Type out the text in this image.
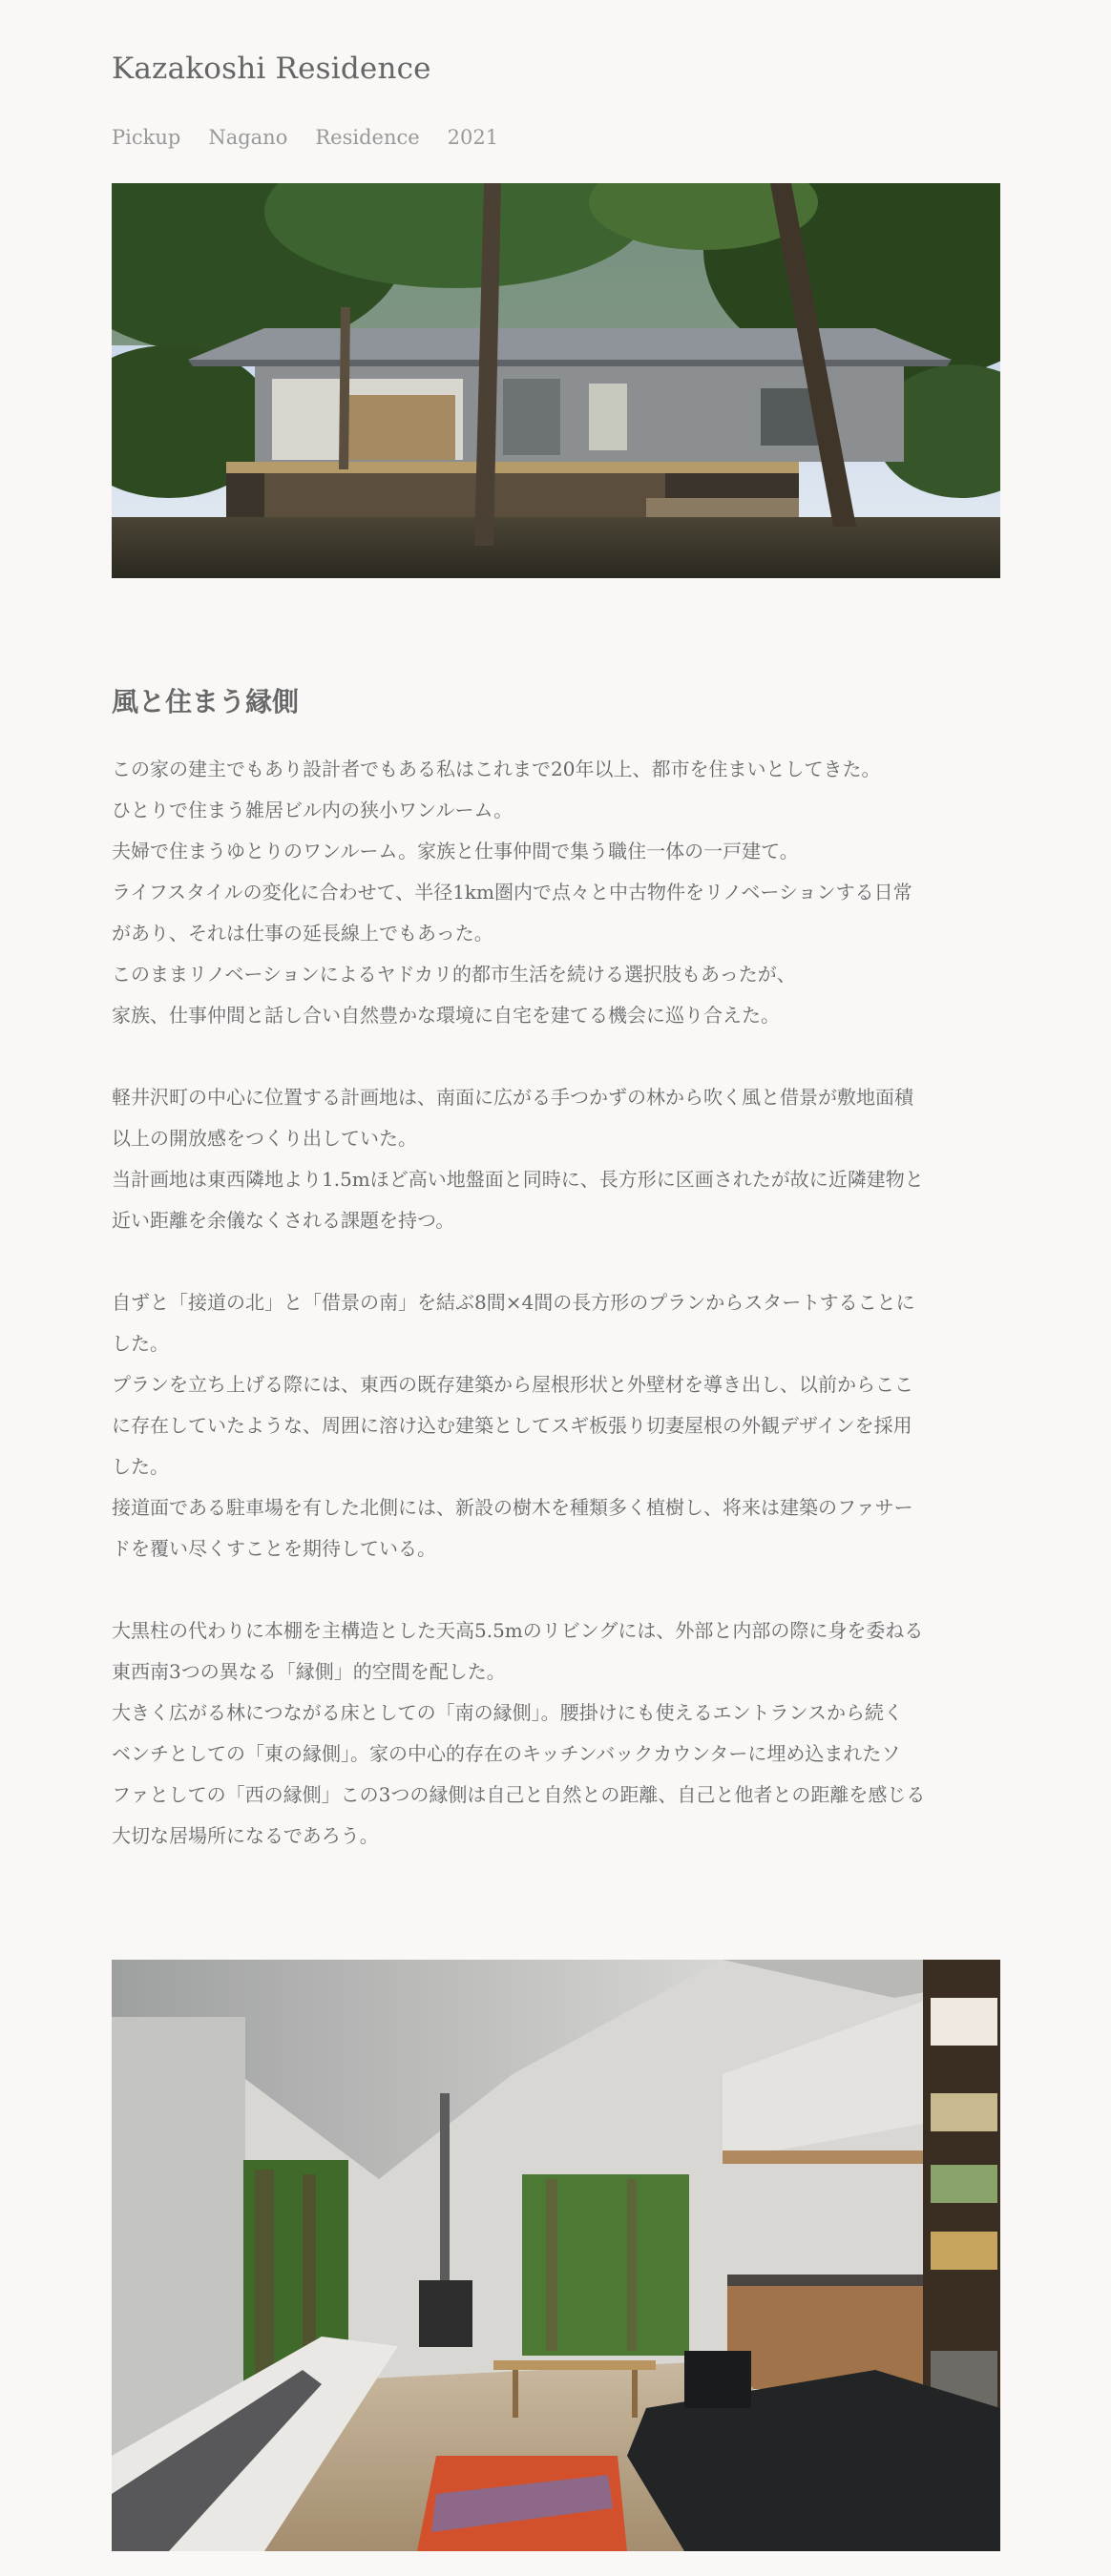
Kazakoshi Residence
Pickup Nagano Residence 2021
風と住まう縁側
この家の建主でもあり設計者でもある私はこれまで20年以上、都市を住まいとしてきた。
ひとりで住まう雑居ビル内の狭小ワンルーム。
夫婦で住まうゆとりのワンルーム。家族と仕事仲間で集う職住一体の一戸建て。
ライフスタイルの変化に合わせて、半径1km圏内で点々と中古物件をリノベーションする日常
があり、それは仕事の延長線上でもあった。
このままリノベーションによるヤドカリ的都市生活を続ける選択肢もあったが、
家族、仕事仲間と話し合い自然豊かな環境に自宅を建てる機会に巡り合えた。
軽井沢町の中心に位置する計画地は、南面に広がる手つかずの林から吹く風と借景が敷地面積
以上の開放感をつくり出していた。
当計画地は東西隣地より1.5mほど高い地盤面と同時に、長方形に区画されたが故に近隣建物と
近い距離を余儀なくされる課題を持つ。
自ずと「接道の北」と「借景の南」を結ぶ8間×4間の長方形のプランからスタートすることに
した。
プランを立ち上げる際には、東西の既存建築から屋根形状と外壁材を導き出し、以前からここ
に存在していたような、周囲に溶け込む建築としてスギ板張り切妻屋根の外観デザインを採用
した。
接道面である駐車場を有した北側には、新設の樹木を種類多く植樹し、将来は建築のファサー
ドを覆い尽くすことを期待している。
大黒柱の代わりに本棚を主構造とした天高5.5mのリビングには、外部と内部の際に身を委ねる
東西南3つの異なる「縁側」的空間を配した。
大きく広がる林につながる床としての「南の縁側」。腰掛けにも使えるエントランスから続く
ベンチとしての「東の縁側」。家の中心的存在のキッチンバックカウンターに埋め込まれたソ
ファとしての「西の縁側」この3つの縁側は自己と自然との距離、自己と他者との距離を感じる
大切な居場所になるであろう。
